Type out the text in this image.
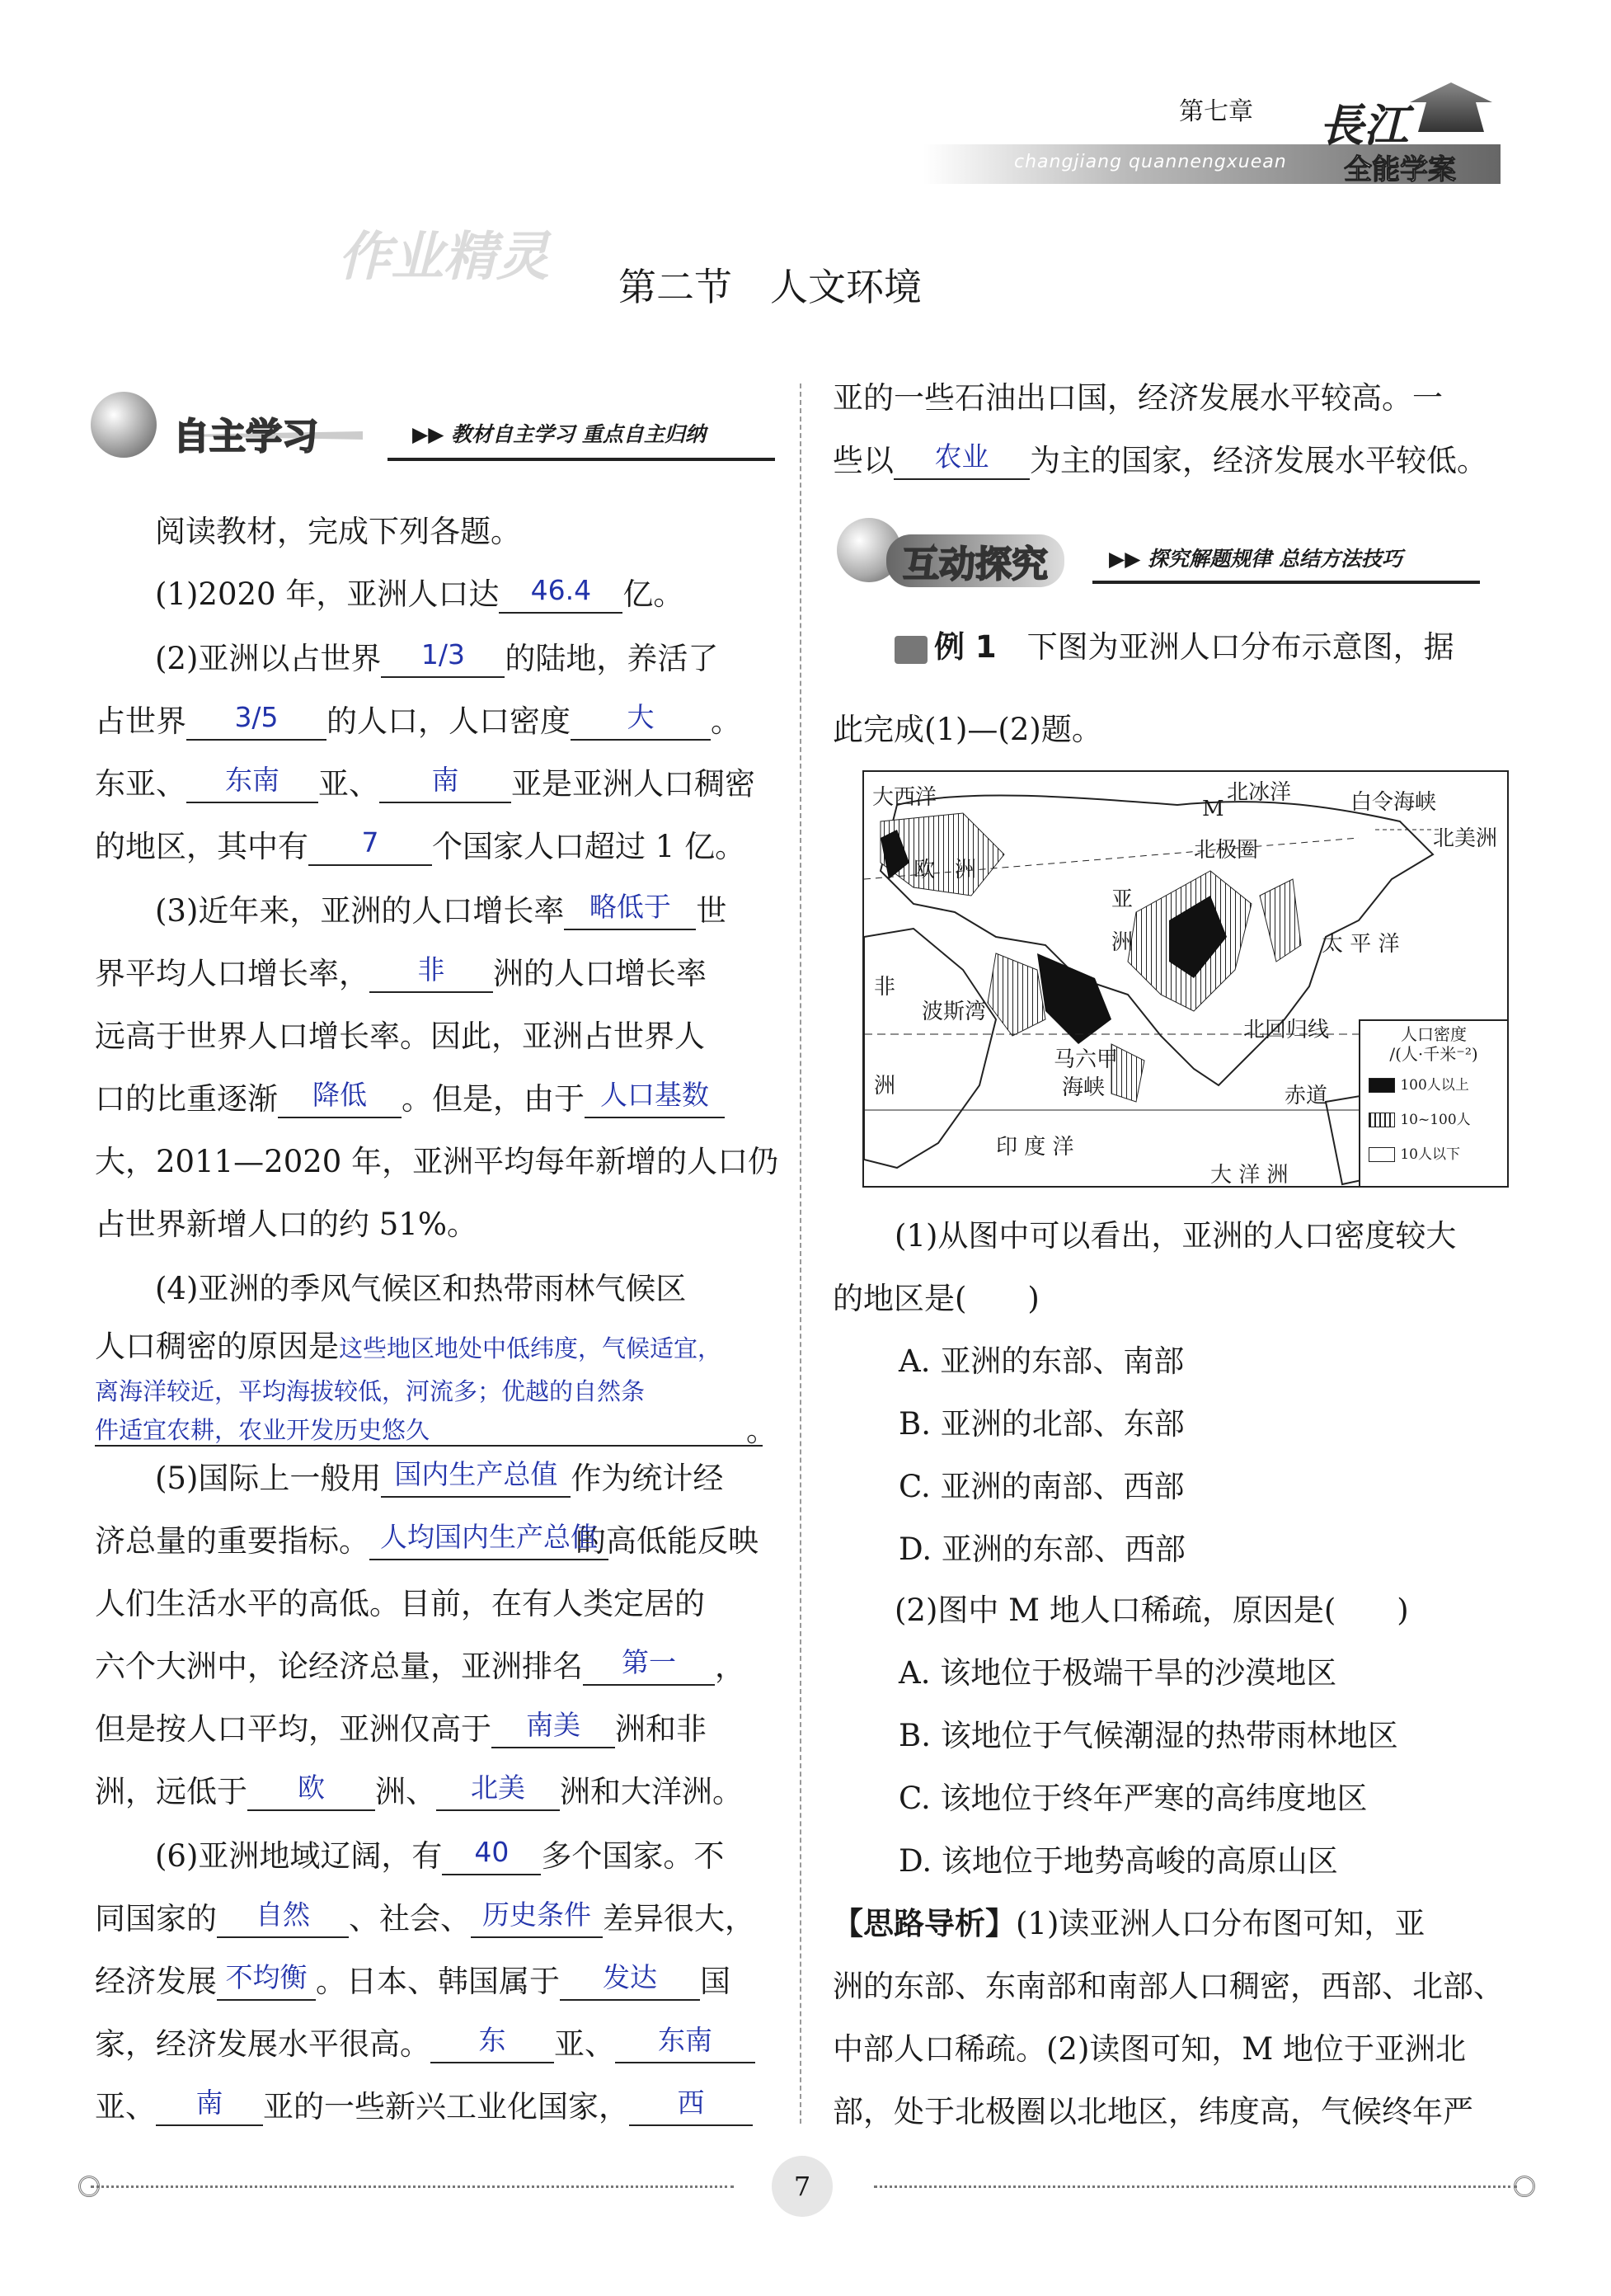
第七章
changjiang quannengxuean
長江
全能学案
作业精灵 第二节　人文环境
自主学习	▶▶ 教材自主学习 重点自主归纳
阅读教材，完成下列各题。
(1)2020 年，亚洲人口达 46.4 亿。
(2)亚洲以占世界 1/3 的陆地，养活了
占世界 3/5 的人口，人口密度 大 。
东亚、 东南 亚、 南 亚是亚洲人口稠密
的地区，其中有 7 个国家人口超过 1 亿。
(3)近年来，亚洲的人口增长率 略低于 世
界平均人口增长率， 非 洲的人口增长率
远高于世界人口增长率。因此，亚洲占世界人
口的比重逐渐 降低 。但是，由于 人口基数
大，2011—2020 年，亚洲平均每年新增的人口仍
占世界新增人口的约 51%。
(4)亚洲的季风气候区和热带雨林气候区
人口稠密的原因是这些地区地处中低纬度，气候适宜，
离海洋较近，平均海拔较低，河流多；优越的自然条
件适宜农耕，农业开发历史悠久	。
(5)国际上一般用 国内生产总值 作为统计经
济总量的重要指标。 人均国内生产总值的高低能反映
人们生活水平的高低。目前，在有人类定居的
六个大洲中，论经济总量，亚洲排名 第一 ，
但是按人口平均，亚洲仅高于 南美 洲和非
洲，远低于 欧 洲、 北美 洲和大洋洲。
(6)亚洲地域辽阔，有 40 多个国家。不
同国家的 自然 、社会、 历史条件 差异很大，
经济发展 不均衡 。日本、韩国属于 发达 国
家，经济发展水平很高。 东 亚、 东南
亚、 南 亚的一些新兴工业化国家， 西
亚的一些石油出口国，经济发展水平较高。一
些以 农业 为主的国家，经济发展水平较低。
互动探究	▶▶ 探究解题规律 总结方法技巧
例 1　 下图为亚洲人口分布示意图，据
此完成(1)—(2)题。
大西洋	北冰洋	白令海峡
M
北极圈	北美洲
欧 洲
亚
洲	太 平 洋
非
波斯湾
北回归线
洲
马六甲
海峡	赤道
印 度 洋
大 洋 洲
人口密度
/(人·千米⁻²)
100人以上
10~100人
10人以下
(1)从图中可以看出，亚洲的人口密度较大
的地区是(　　)
A. 亚洲的东部、南部
B. 亚洲的北部、东部
C. 亚洲的南部、西部
D. 亚洲的东部、西部
(2)图中 M 地人口稀疏，原因是(　　)
A. 该地位于极端干旱的沙漠地区
B. 该地位于气候潮湿的热带雨林地区
C. 该地位于终年严寒的高纬度地区
D. 该地位于地势高峻的高原山区
【思路导析】(1)读亚洲人口分布图可知，亚
洲的东部、东南部和南部人口稠密，西部、北部、
中部人口稀疏。(2)读图可知，M 地位于亚洲北
部，处于北极圈以北地区，纬度高，气候终年严
7
